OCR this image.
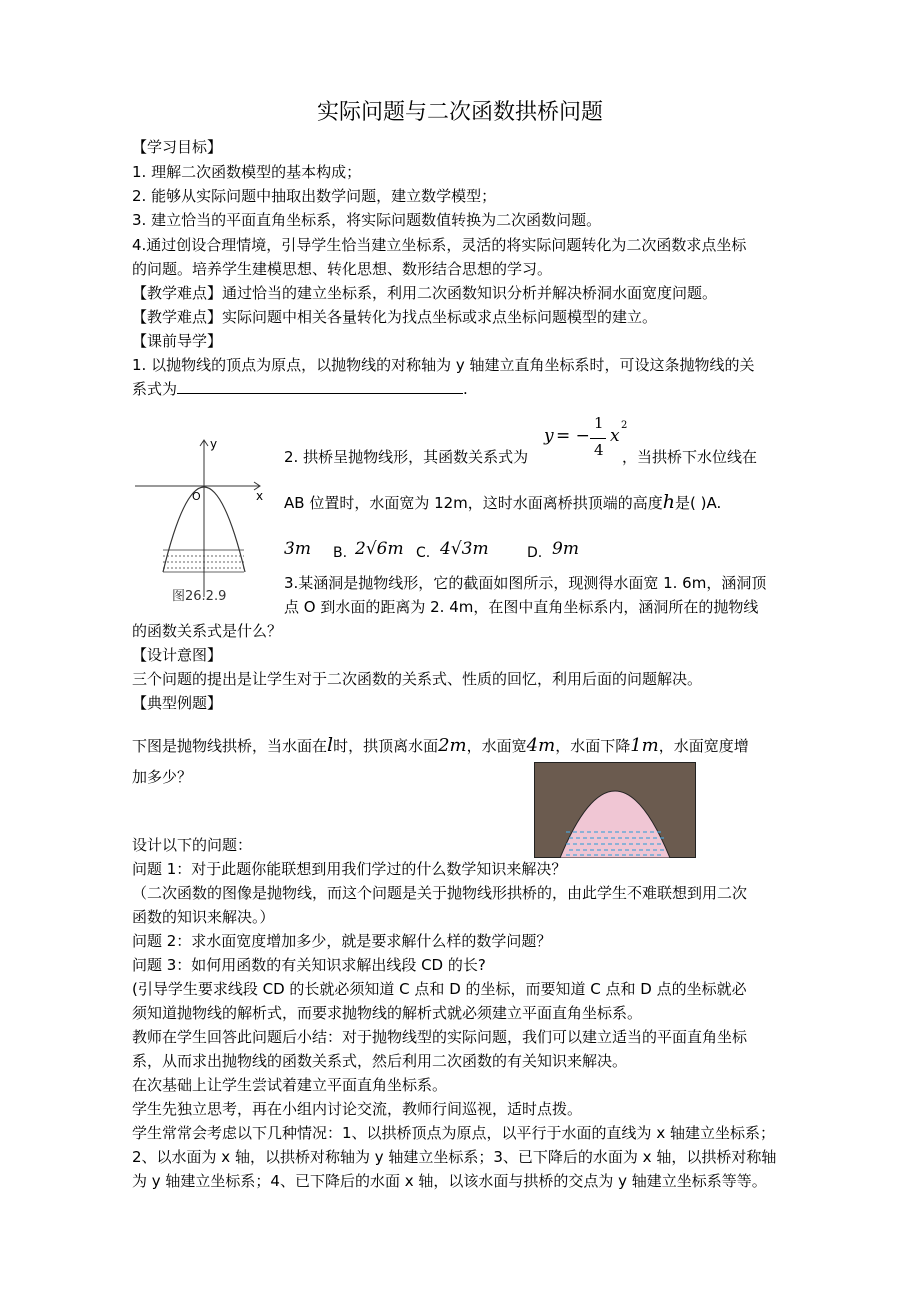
实际问题与二次函数拱桥问题
【学习目标】
1. 理解二次函数模型的基本构成；
2. 能够从实际问题中抽取出数学问题，建立数学模型；
3. 建立恰当的平面直角坐标系，将实际问题数值转换为二次函数问题。
4.通过创设合理情境，引导学生恰当建立坐标系，灵活的将实际问题转化为二次函数求点坐标
的问题。培养学生建模思想、转化思想、数形结合思想的学习。
【教学难点】通过恰当的建立坐标系，利用二次函数知识分析并解决桥洞水面宽度问题。
【教学难点】实际问题中相关各量转化为找点坐标或求点坐标问题模型的建立。
【课前导学】
1. 以抛物线的顶点为原点，以抛物线的对称轴为 y 轴建立直角坐标系时，可设这条抛物线的关
系式为	.
y
x
O
图26.2.9
y = −
1
4
x
2
2. 拱桥呈抛物线形，其函数关系式为	，当拱桥下水位线在
AB 位置时，水面宽为 12m，这时水面离桥拱顶端的高度h是( )A.
3m B. 2√6m C. 4√3m	D. 9m
3.某涵洞是抛物线形，它的截面如图所示，现测得水面宽 1. 6m，涵洞顶
点 O 到水面的距离为 2. 4m，在图中直角坐标系内，涵洞所在的抛物线
的函数关系式是什么？
【设计意图】
三个问题的提出是让学生对于二次函数的关系式、性质的回忆，利用后面的问题解决。
【典型例题】
下图是抛物线拱桥，当水面在l时，拱顶离水面2m，水面宽4m，水面下降1m，水面宽度增
加多少？
设计以下的问题：
问题 1：对于此题你能联想到用我们学过的什么数学知识来解决？
（二次函数的图像是抛物线，而这个问题是关于抛物线形拱桥的，由此学生不难联想到用二次
函数的知识来解决。）
问题 2：求水面宽度增加多少，就是要求解什么样的数学问题？
问题 3：如何用函数的有关知识求解出线段 CD 的长?
(引导学生要求线段 CD 的长就必须知道 C 点和 D 的坐标，而要知道 C 点和 D 点的坐标就必
须知道抛物线的解析式，而要求抛物线的解析式就必须建立平面直角坐标系。
教师在学生回答此问题后小结：对于抛物线型的实际问题，我们可以建立适当的平面直角坐标
系，从而求出抛物线的函数关系式，然后利用二次函数的有关知识来解决。
在次基础上让学生尝试着建立平面直角坐标系。
学生先独立思考，再在小组内讨论交流，教师行间巡视，适时点拨。
学生常常会考虑以下几种情况：1、以拱桥顶点为原点，以平行于水面的直线为 x 轴建立坐标系；
2、以水面为 x 轴，以拱桥对称轴为 y 轴建立坐标系；3、已下降后的水面为 x 轴，以拱桥对称轴
为 y 轴建立坐标系；4、已下降后的水面 x 轴，以该水面与拱桥的交点为 y 轴建立坐标系等等。
